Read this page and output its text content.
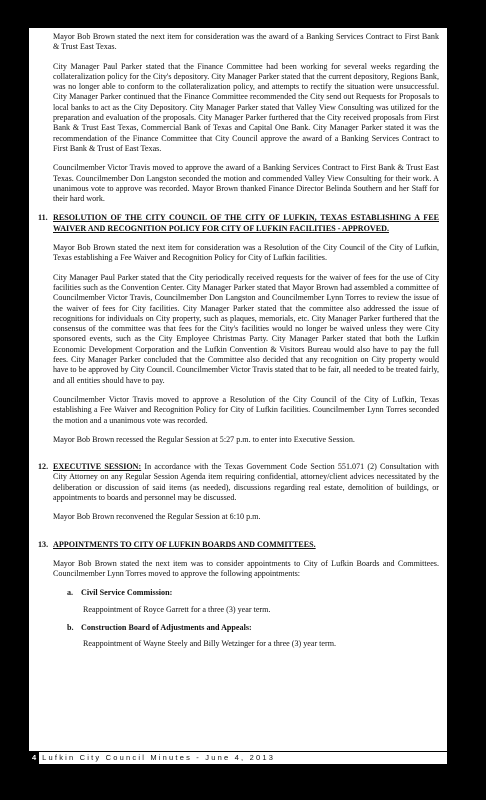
Mayor Bob Brown stated the next item for consideration was the award of a Banking Services Contract to First Bank & Trust East Texas.

City Manager Paul Parker stated that the Finance Committee had been working for several weeks regarding the collateralization policy for the City's depository. City Manager Parker stated that the current depository, Regions Bank, was no longer able to conform to the collateralization policy, and attempts to rectify the situation were unsuccessful. City Manager Parker continued that the Finance Committee recommended the City send out Requests for Proposals to local banks to act as the City Depository. City Manager Parker stated that Valley View Consulting was utilized for the preparation and evaluation of the proposals. City Manager Parker furthered that the City received proposals from First Bank & Trust East Texas, Commercial Bank of Texas and Capital One Bank. City Manager Parker stated it was the recommendation of the Finance Committee that City Council approve the award of a Banking Services Contract to First Bank & Trust of East Texas.

Councilmember Victor Travis moved to approve the award of a Banking Services Contract to First Bank & Trust East Texas. Councilmember Don Langston seconded the motion and commended Valley View Consulting for their work. A unanimous vote to approve was recorded. Mayor Brown thanked Finance Director Belinda Southern and her Staff for their hard work.

11. RESOLUTION OF THE CITY COUNCIL OF THE CITY OF LUFKIN, TEXAS ESTABLISHING A FEE WAIVER AND RECOGNITION POLICY FOR CITY OF LUFKIN FACILITIES - APPROVED.

Mayor Bob Brown stated the next item for consideration was a Resolution of the City Council of the City of Lufkin, Texas establishing a Fee Waiver and Recognition Policy for City of Lufkin facilities.

City Manager Paul Parker stated that the City periodically received requests for the waiver of fees for the use of City facilities such as the Convention Center. City Manager Parker stated that Mayor Brown had assembled a committee of Councilmember Victor Travis, Councilmember Don Langston and Councilmember Lynn Torres to review the issue of the waiver of fees for City facilities. City Manager Parker stated that the committee also addressed the issue of recognitions for individuals on City property, such as plaques, memorials, etc. City Manager Parker furthered that the consensus of the committee was that fees for the City's facilities would no longer be waived unless they were City sponsored events, such as the City Employee Christmas Party. City Manager Parker stated that both the Lufkin Economic Development Corporation and the Lufkin Convention & Visitors Bureau would also have to pay the full fees. City Manager Parker concluded that the Committee also decided that any recognition on City property would have to be approved by City Council. Councilmember Victor Travis stated that to be fair, all needed to be treated fairly, and all entities should have to pay.

Councilmember Victor Travis moved to approve a Resolution of the City Council of the City of Lufkin, Texas establishing a Fee Waiver and Recognition Policy for City of Lufkin facilities. Councilmember Lynn Torres seconded the motion and a unanimous vote was recorded.

Mayor Bob Brown recessed the Regular Session at 5:27 p.m. to enter into Executive Session.

12. EXECUTIVE SESSION: In accordance with the Texas Government Code Section 551.071 (2) Consultation with City Attorney on any Regular Session Agenda item requiring confidential, attorney/client advices necessitated by the deliberation or discussion of said items (as needed), discussions regarding real estate, demolition of buildings, or appointments to boards and personnel may be discussed.

Mayor Bob Brown reconvened the Regular Session at 6:10 p.m.

13. APPOINTMENTS TO CITY OF LUFKIN BOARDS AND COMMITTEES.

Mayor Bob Brown stated the next item was to consider appointments to City of Lufkin Boards and Committees. Councilmember Lynn Torres moved to approve the following appointments:

a. Civil Service Commission:

Reappointment of Royce Garrett for a three (3) year term.

b. Construction Board of Adjustments and Appeals:

Reappointment of Wayne Steely and Billy Wetzinger for a three (3) year term.

4 Lufkin City Council Minutes - June 4, 2013
